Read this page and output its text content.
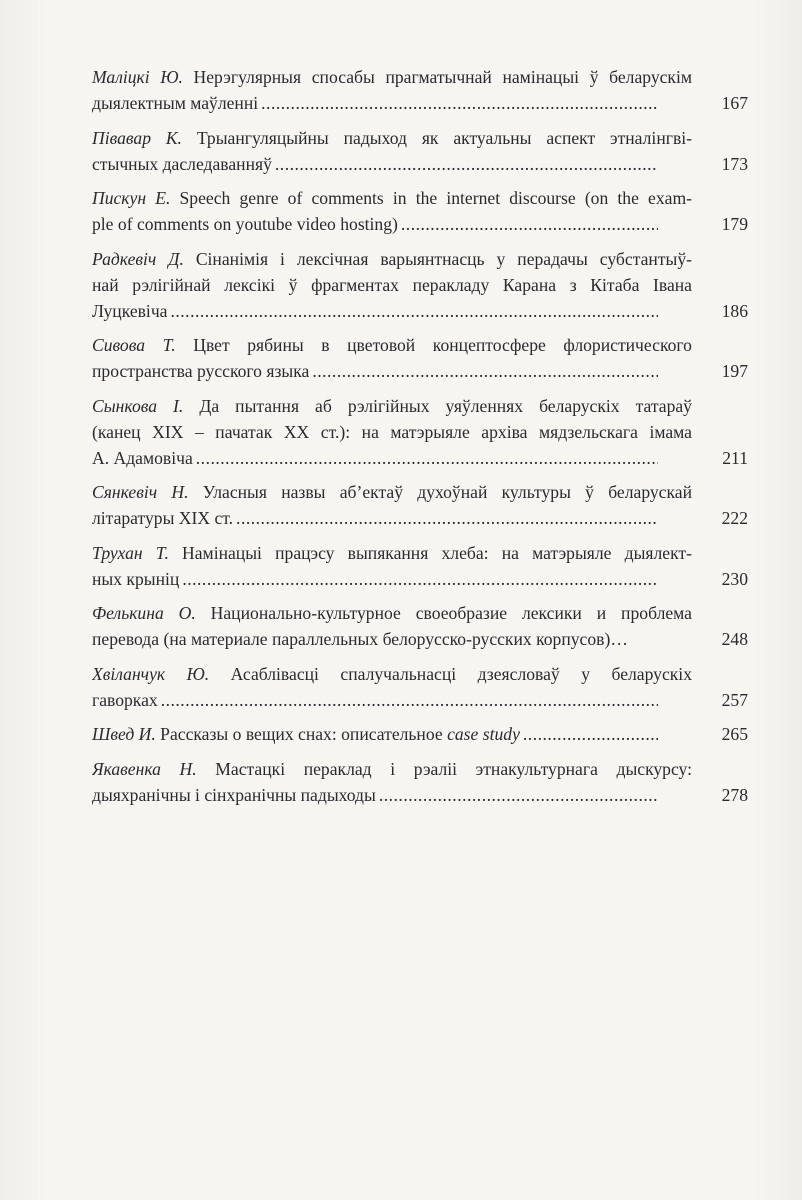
Маліцкі Ю. Нерэгулярныя спосабы прагматычнай намінацыі ў беларускім
дыялектным маўленні .....	167
Півавар К. Трыангуляцыйны падыход як актуальны аспект этналінгві-
стычных даследаванняў .....	173
Пискун Е. Speech genre of comments in the internet discourse (on the exam-
ple of comments on youtube video hosting) .....	179
Радкевіч Д. Сінанімія і лексічная варыянтнасць у перадачы субстантыў-
най рэлігійнай лексікі ў фрагментах перакладу Карана з Кітаба Івана
Луцкевіча .....	186
Сивова Т. Цвет рябины в цветовой концептосфере флористического
пространства русского языка .....	197
Сынкова І. Да пытання аб рэлігійных уяўленнях беларускіх татараў
(канец XIX – пачатак XX ст.): на матэрыяле архіва мядзельскага імама
А. Адамовіча .....	211
Сянкевіч Н. Уласныя назвы аб’ектаў духоўнай культуры ў беларускай
літаратуры XIX ст. .....	222
Трухан Т. Намінацыі працэсу выпякання хлеба: на матэрыяле дыялект-
ных крыніц .....	230
Фелькина О. Национально-культурное своеобразие лексики и проблема
перевода (на материале параллельных белорусско-русских корпусов)…	248
Хвіланчук Ю. Асаблівасці спалучальнасці дзеясловаў у беларускіх
гаворках .....	257
Швед И. Рассказы о вещих снах: описательное case study .....	265
Якавенка Н. Мастацкі пераклад і рэаліі этнакультурнага дыскурсу:
дыяхранічны і сінхранічны падыходы .....	278
